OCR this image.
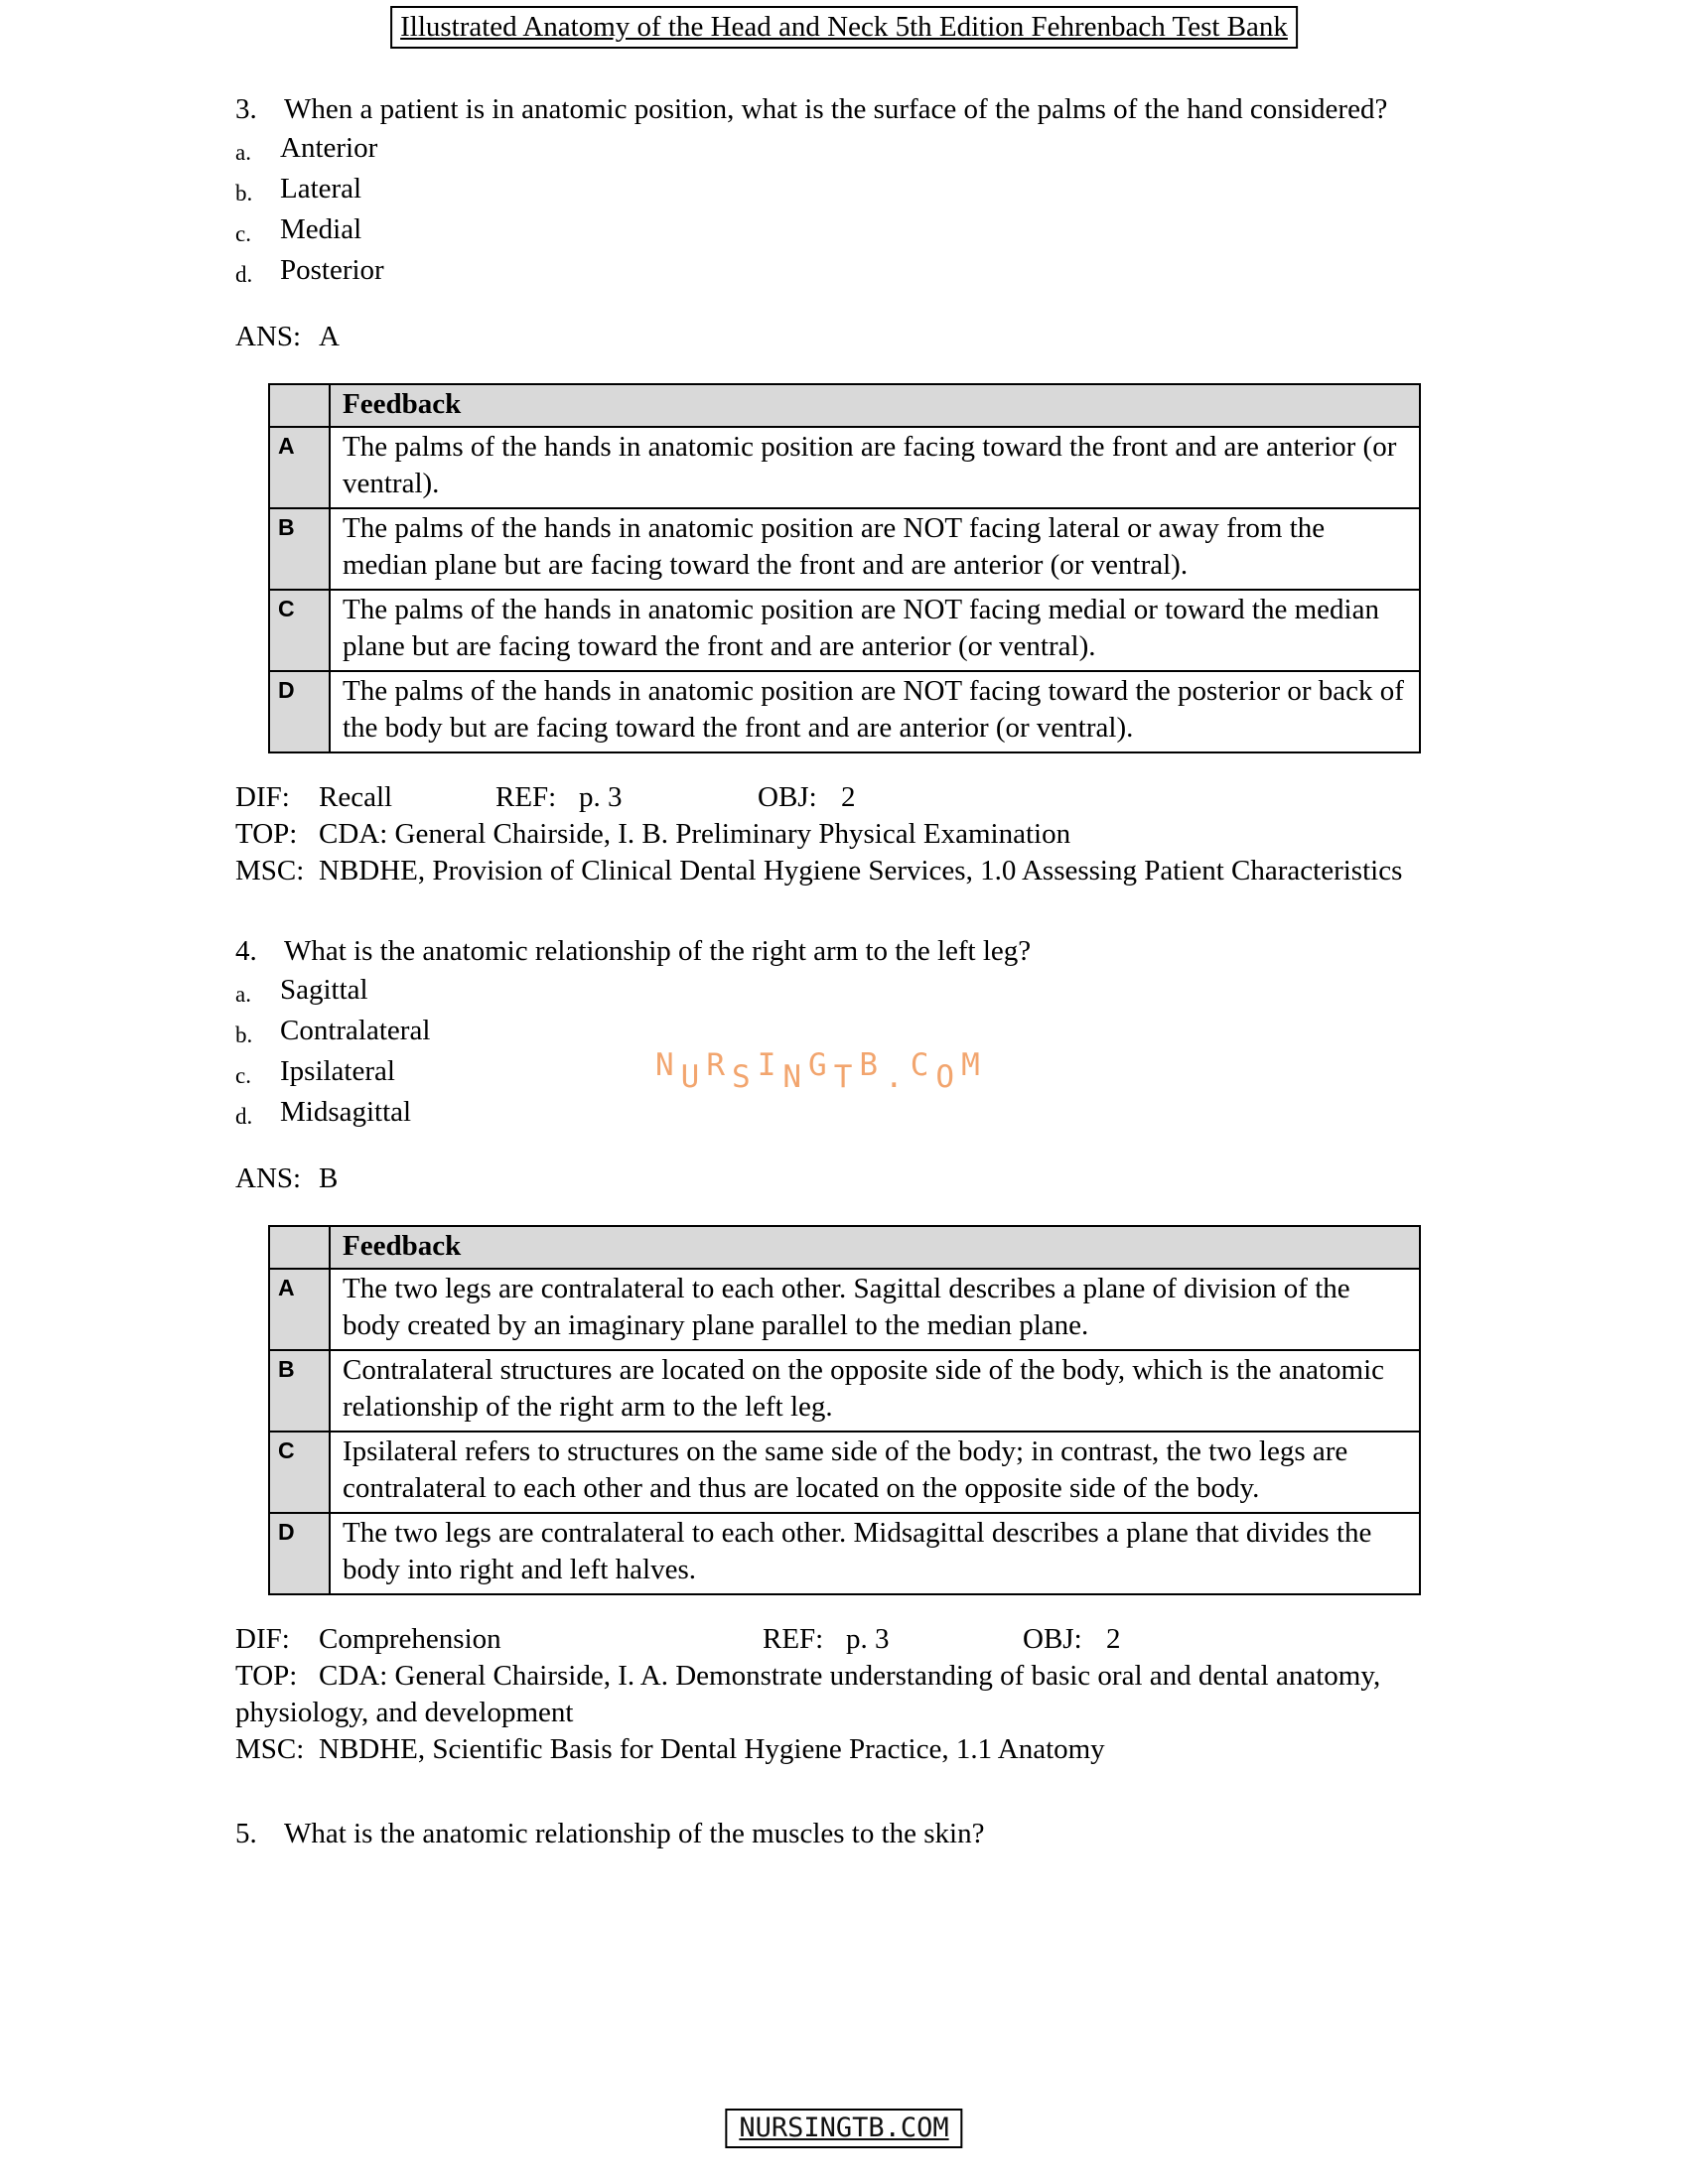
Illustrated Anatomy of the Head and Neck 5th Edition Fehrenbach Test Bank
3. When a patient is in anatomic position, what is the surface of the palms of the hand considered?
a.	Anterior
b. Lateral
c.	Medial
d. Posterior
ANS: A
	Feedback
A	The palms of the hands in anatomic position are facing toward the front and are anterior (or ventral).
B	The palms of the hands in anatomic position are NOT facing lateral or away from the median plane but are facing toward the front and are anterior (or ventral).
C	The palms of the hands in anatomic position are NOT facing medial or toward the median plane but are facing toward the front and are anterior (or ventral).
D	The palms of the hands in anatomic position are NOT facing toward the posterior or back of the body but are facing toward the front and are anterior (or ventral).
DIF: Recall	REF: p. 3	OBJ: 2
TOP: CDA: General Chairside, I. B. Preliminary Physical Examination
MSC: NBDHE, Provision of Clinical Dental Hygiene Services, 1.0 Assessing Patient Characteristics
4. What is the anatomic relationship of the right arm to the left leg?
a.	Sagittal
b. Contralateral
c.	Ipsilateral
d. Midsagittal
ANS: B
	Feedback
A	The two legs are contralateral to each other. Sagittal describes a plane of division of the body created by an imaginary plane parallel to the median plane.
B	Contralateral structures are located on the opposite side of the body, which is the anatomic relationship of the right arm to the left leg.
C	Ipsilateral refers to structures on the same side of the body; in contrast, the two legs are contralateral to each other and thus are located on the opposite side of the body.
D	The two legs are contralateral to each other. Midsagittal describes a plane that divides the body into right and left halves.
DIF: Comprehension	REF: p. 3	OBJ: 2
TOP: CDA: General Chairside, I. A. Demonstrate understanding of basic oral and dental anatomy, physiology, and development
MSC: NBDHE, Scientific Basis for Dental Hygiene Practice, 1.1 Anatomy
5. What is the anatomic relationship of the muscles to the skin?
NURSINGTB.COM
NURSINGTB.COM
